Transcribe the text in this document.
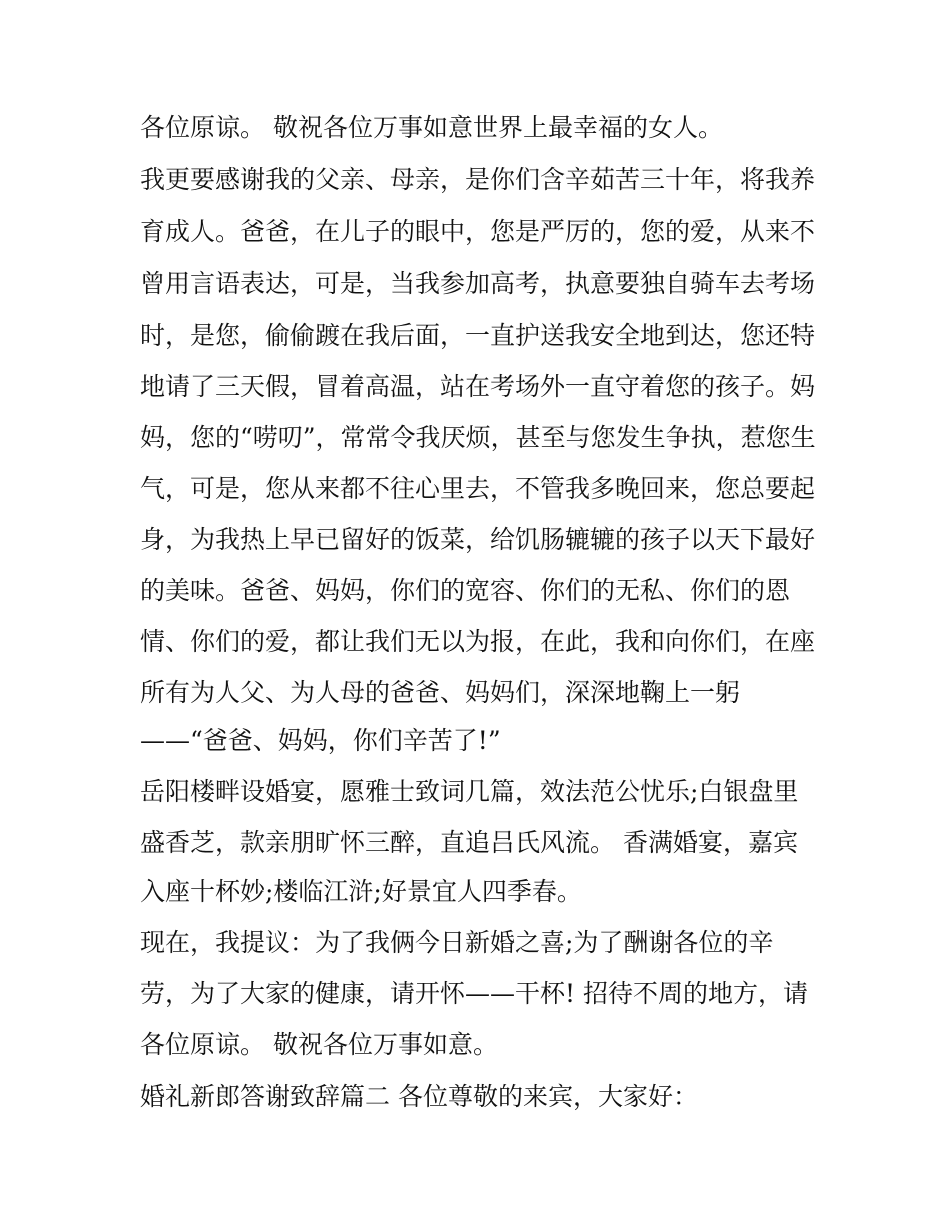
各位原谅。 敬祝各位万事如意世界上最幸福的女人。
我更要感谢我的父亲、母亲，是你们含辛茹苦三十年，将我养
育成人。爸爸，在儿子的眼中，您是严厉的，您的爱，从来不
曾用言语表达，可是，当我参加高考，执意要独自骑车去考场
时，是您，偷偷踱在我后面，一直护送我安全地到达，您还特
地请了三天假，冒着高温，站在考场外一直守着您的孩子。妈
妈，您的“唠叨”，常常令我厌烦，甚至与您发生争执，惹您生
气，可是，您从来都不往心里去，不管我多晚回来，您总要起
身，为我热上早已留好的饭菜，给饥肠辘辘的孩子以天下最好
的美味。爸爸、妈妈，你们的宽容、你们的无私、你们的恩
情、你们的爱，都让我们无以为报，在此，我和向你们，在座
所有为人父、为人母的爸爸、妈妈们，深深地鞠上一躬
——“爸爸、妈妈，你们辛苦了!”
岳阳楼畔设婚宴，愿雅士致词几篇，效法范公忧乐;白银盘里
盛香芝，款亲朋旷怀三醉，直追吕氏风流。 香满婚宴，嘉宾
入座十杯妙;楼临江浒;好景宜人四季春。
现在，我提议：为了我俩今日新婚之喜;为了酬谢各位的辛
劳，为了大家的健康，请开怀——干杯! 招待不周的地方，请
各位原谅。 敬祝各位万事如意。
婚礼新郎答谢致辞篇二 各位尊敬的来宾，大家好：
